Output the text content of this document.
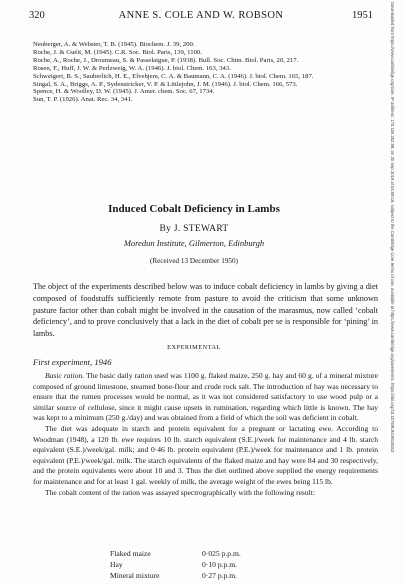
320	ANNE S. COLE AND W. ROBSON	1951
Neuberger, A. & Webster, T. B. (1945). Biochem. J. 39, 200.
Roche, J. & Guéit, M. (1945). C.R. Soc. Biol. Paris, 139, 1100.
Roche, A., Roche, J., Droumeau, S. & Passelaigue, P. (1938). Bull. Soc. Chim. Biol. Paris, 20, 217.
Rosen, F., Huff, J. W. & Perlzweig, W. A. (1946). J. biol. Chem. 163, 343.
Schweigert, B. S., Sauberlich, H. E., Elvehjem, C. A. & Baumann, C. A. (1946). J. biol. Chem. 165, 187.
Singal, S. A., Briggs, A. P., Sydenstricker, V. P. & Littlejohn, J. M. (1946). J. biol. Chem. 166, 573.
Spence, H. & Woolley, D. W. (1945). J. Amer. chem. Soc. 67, 1734.
Sun, T. P. (1926). Anat. Rec. 34, 341.	Downloaded from https://www.cambridge.org/core. IP address: 170.106.202.58, on 20 Sep 2019 at 04:58:19, subject to the Cambridge Core terms of use, available at https://www.cambridge.org/core/terms. https://doi.org/10.1079/BJN19510043
Induced Cobalt Deficiency in Lambs
By J. STEWART
Moredun Institute, Gilmerton, Edinburgh
(Received 13 December 1950)
The object of the experiments described below was to induce cobalt deficiency in lambs by giving a diet composed of foodstuffs sufficiently remote from pasture to avoid the criticism that some unknown pasture factor other than cobalt might be involved in the causation of the marasmus, now called ‘cobalt deficiency’, and to prove conclusively that a lack in the diet of cobalt per se is responsible for ‘pining’ in lambs.
EXPERIMENTAL
First experiment, 1946

Basic ration. The basic daily ration used was 1100 g. flaked maize, 250 g. hay and 60 g. of a mineral mixture composed of ground limestone, steamed bone-flour and crude rock salt. The introduction of hay was necessary to ensure that the rumen processes would be normal, as it was not considered satisfactory to use wood pulp or a similar source of cellulose, since it might cause upsets in rumination, regarding which little is known. The hay was kept to a minimum (250 g./day) and was obtained from a field of which the soil was deficient in cobalt.

The diet was adequate in starch and protein equivalent for a pregnant or lactating ewe. According to Woodman (1948), a 120 lb. ewe requires 10 lb. starch equivalent (S.E.)/week for maintenance and 4 lb. starch equivalent (S.E.)/week/gal. milk; and 0·46 lb. protein equivalent (P.E.)/week for maintenance and 1 lb. protein equivalent (P.E.)/week/gal. milk. The starch equivalents of the flaked maize and hay were 84 and 30 respectively, and the protein equivalents were about 10 and 3. Thus the diet outlined above supplied the energy requirements for maintenance and for at least 1 gal. weekly of milk, the average weight of the ewes being 115 lb.

The cobalt content of the ration was assayed spectrographically with the following result:

Flaked maize	0·025 p.p.m.
Hay	0·10 p.p.m.
Mineral mixture	0·27 p.p.m.
